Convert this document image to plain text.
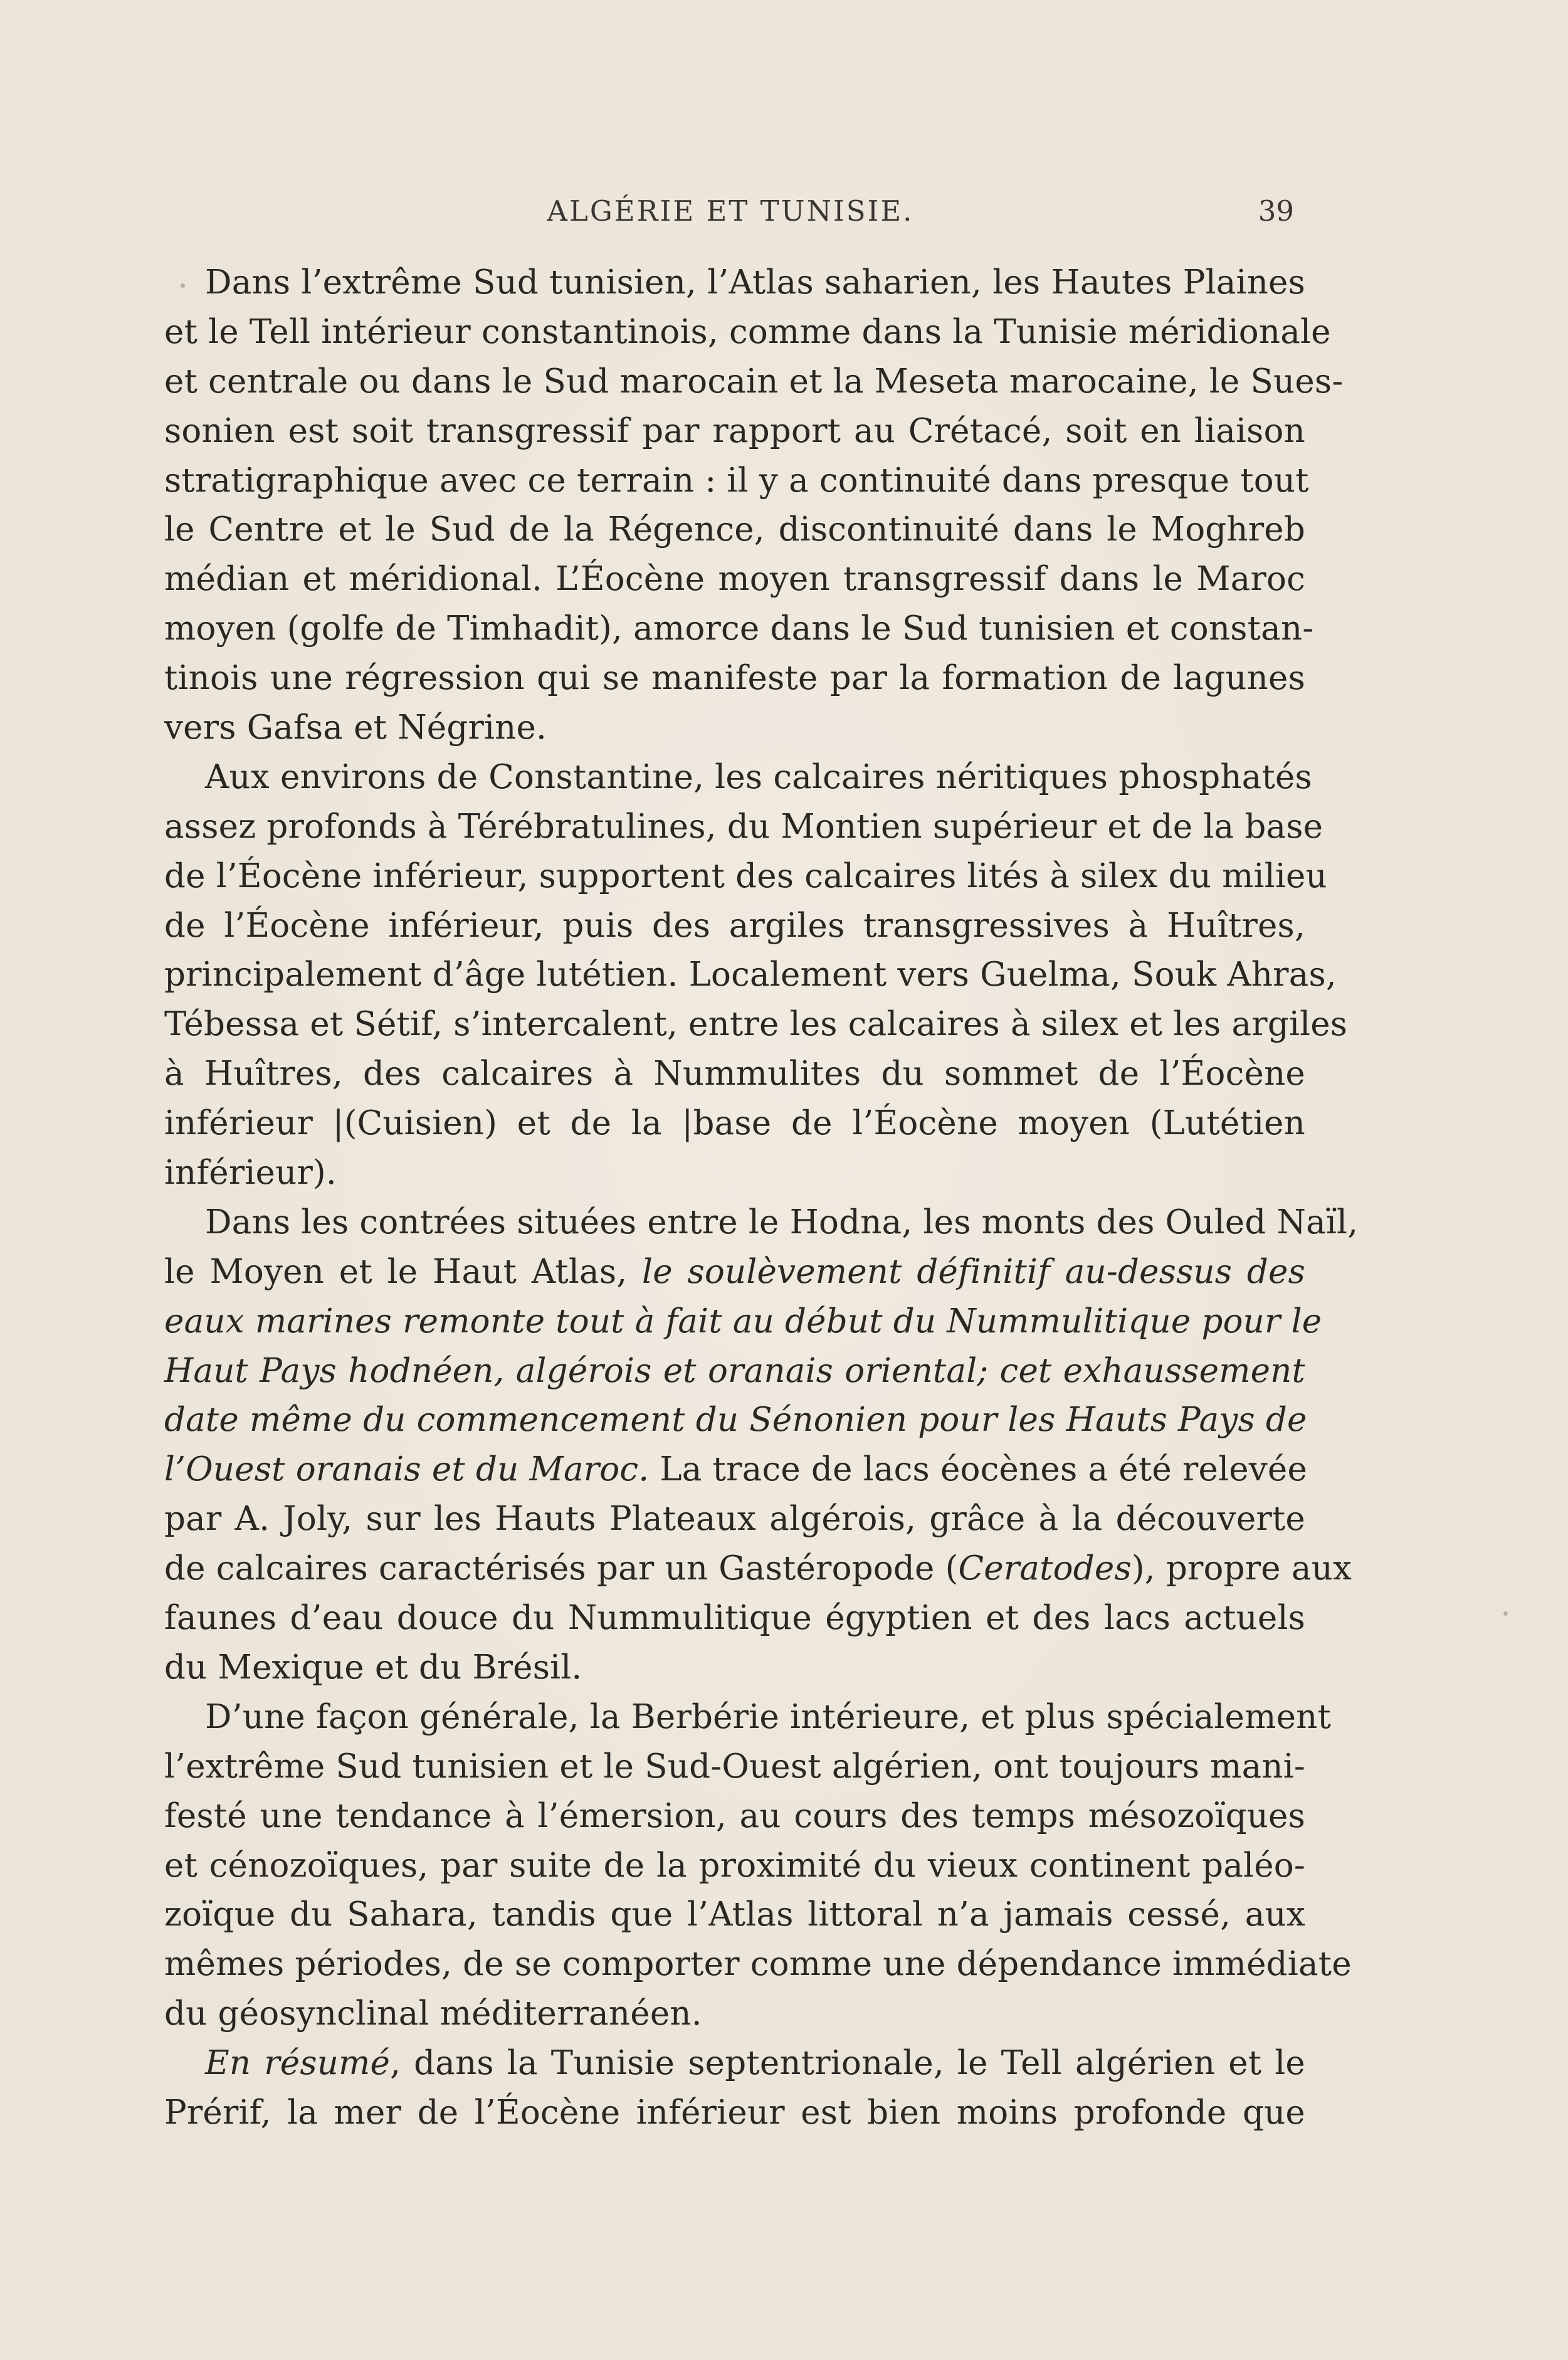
ALGÉRIE ET TUNISIE.	39
Dans l’extrême Sud tunisien, l’Atlas saharien, les Hautes Plaines
et le Tell intérieur constantinois, comme dans la Tunisie méridionale
et centrale ou dans le Sud marocain et la Meseta marocaine, le Sues-
sonien est soit transgressif par rapport au Crétacé, soit en liaison
stratigraphique avec ce terrain : il y a continuité dans presque tout
le Centre et le Sud de la Régence, discontinuité dans le Moghreb
médian et méridional. L’Éocène moyen transgressif dans le Maroc
moyen (golfe de Timhadit), amorce dans le Sud tunisien et constan-
tinois une régression qui se manifeste par la formation de lagunes
vers Gafsa et Négrine.
Aux environs de Constantine, les calcaires néritiques phosphatés
assez profonds à Térébratulines, du Montien supérieur et de la base
de l’Éocène inférieur, supportent des calcaires lités à silex du milieu
de l’Éocène inférieur, puis des argiles transgressives à Huîtres,
principalement d’âge lutétien. Localement vers Guelma, Souk Ahras,
Tébessa et Sétif, s’intercalent, entre les calcaires à silex et les argiles
à Huîtres, des calcaires à Nummulites du sommet de l’Éocène
inférieur |(Cuisien) et de la |base de l’Éocène moyen (Lutétien
inférieur).
Dans les contrées situées entre le Hodna, les monts des Ouled Naïl,
le Moyen et le Haut Atlas, le soulèvement définitif au-dessus des
eaux marines remonte tout à fait au début du Nummulitique pour le
Haut Pays hodnéen, algérois et oranais oriental; cet exhaussement
date même du commencement du Sénonien pour les Hauts Pays de
l’Ouest oranais et du Maroc. La trace de lacs éocènes a été relevée
par A. Joly, sur les Hauts Plateaux algérois, grâce à la découverte
de calcaires caractérisés par un Gastéropode (Ceratodes), propre aux
faunes d’eau douce du Nummulitique égyptien et des lacs actuels
du Mexique et du Brésil.
D’une façon générale, la Berbérie intérieure, et plus spécialement
l’extrême Sud tunisien et le Sud-Ouest algérien, ont toujours mani-
festé une tendance à l’émersion, au cours des temps mésozoïques
et cénozoïques, par suite de la proximité du vieux continent paléo-
zoïque du Sahara, tandis que l’Atlas littoral n’a jamais cessé, aux
mêmes périodes, de se comporter comme une dépendance immédiate
du géosynclinal méditerranéen.
En résumé, dans la Tunisie septentrionale, le Tell algérien et le
Prérif, la mer de l’Éocène inférieur est bien moins profonde que
